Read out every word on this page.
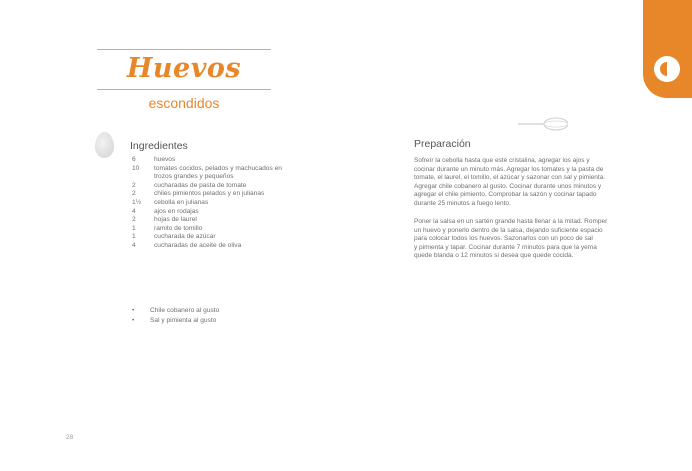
Huevos
escondidos
Ingredientes
6	huevos
10	tomates cocidos, pelados y machucados en
trozos grandes y pequeños
2	cucharadas de pasta de tomate
2	chiles pimientos pelados y en julianas
1½	cebolla en julianas
4	ajos en rodajas
2	hojas de laurel
1	ramito de tomillo
1	cucharada de azúcar
4	cucharadas de aceite de oliva
•	Chile cobanero al gusto
•	Sal y pimienta al gusto
Preparación
Sofreír la cebolla hasta que esté cristalina, agregar los ajos y
cocinar durante un minuto más. Agregar los tomates y la pasta de
tomate, el laurel, el tomillo, el azúcar y sazonar con sal y pimienta.
Agregar chile cobanero al gusto. Cocinar durante unos minutos y
agregar el chile pimiento. Comprobar la sazón y cocinar tapado
durante 25 minutos a fuego lento.
Poner la salsa en un sartén grande hasta llenar a la mitad. Romper
un huevo y ponerlo dentro de la salsa, dejando suficiente espacio
para colocar todos los huevos. Sazonarlos con un poco de sal
y pimienta y tapar. Cocinar durante 7 minutos para que la yema
quede blanda o 12 minutos si desea que quede cocida.
28
